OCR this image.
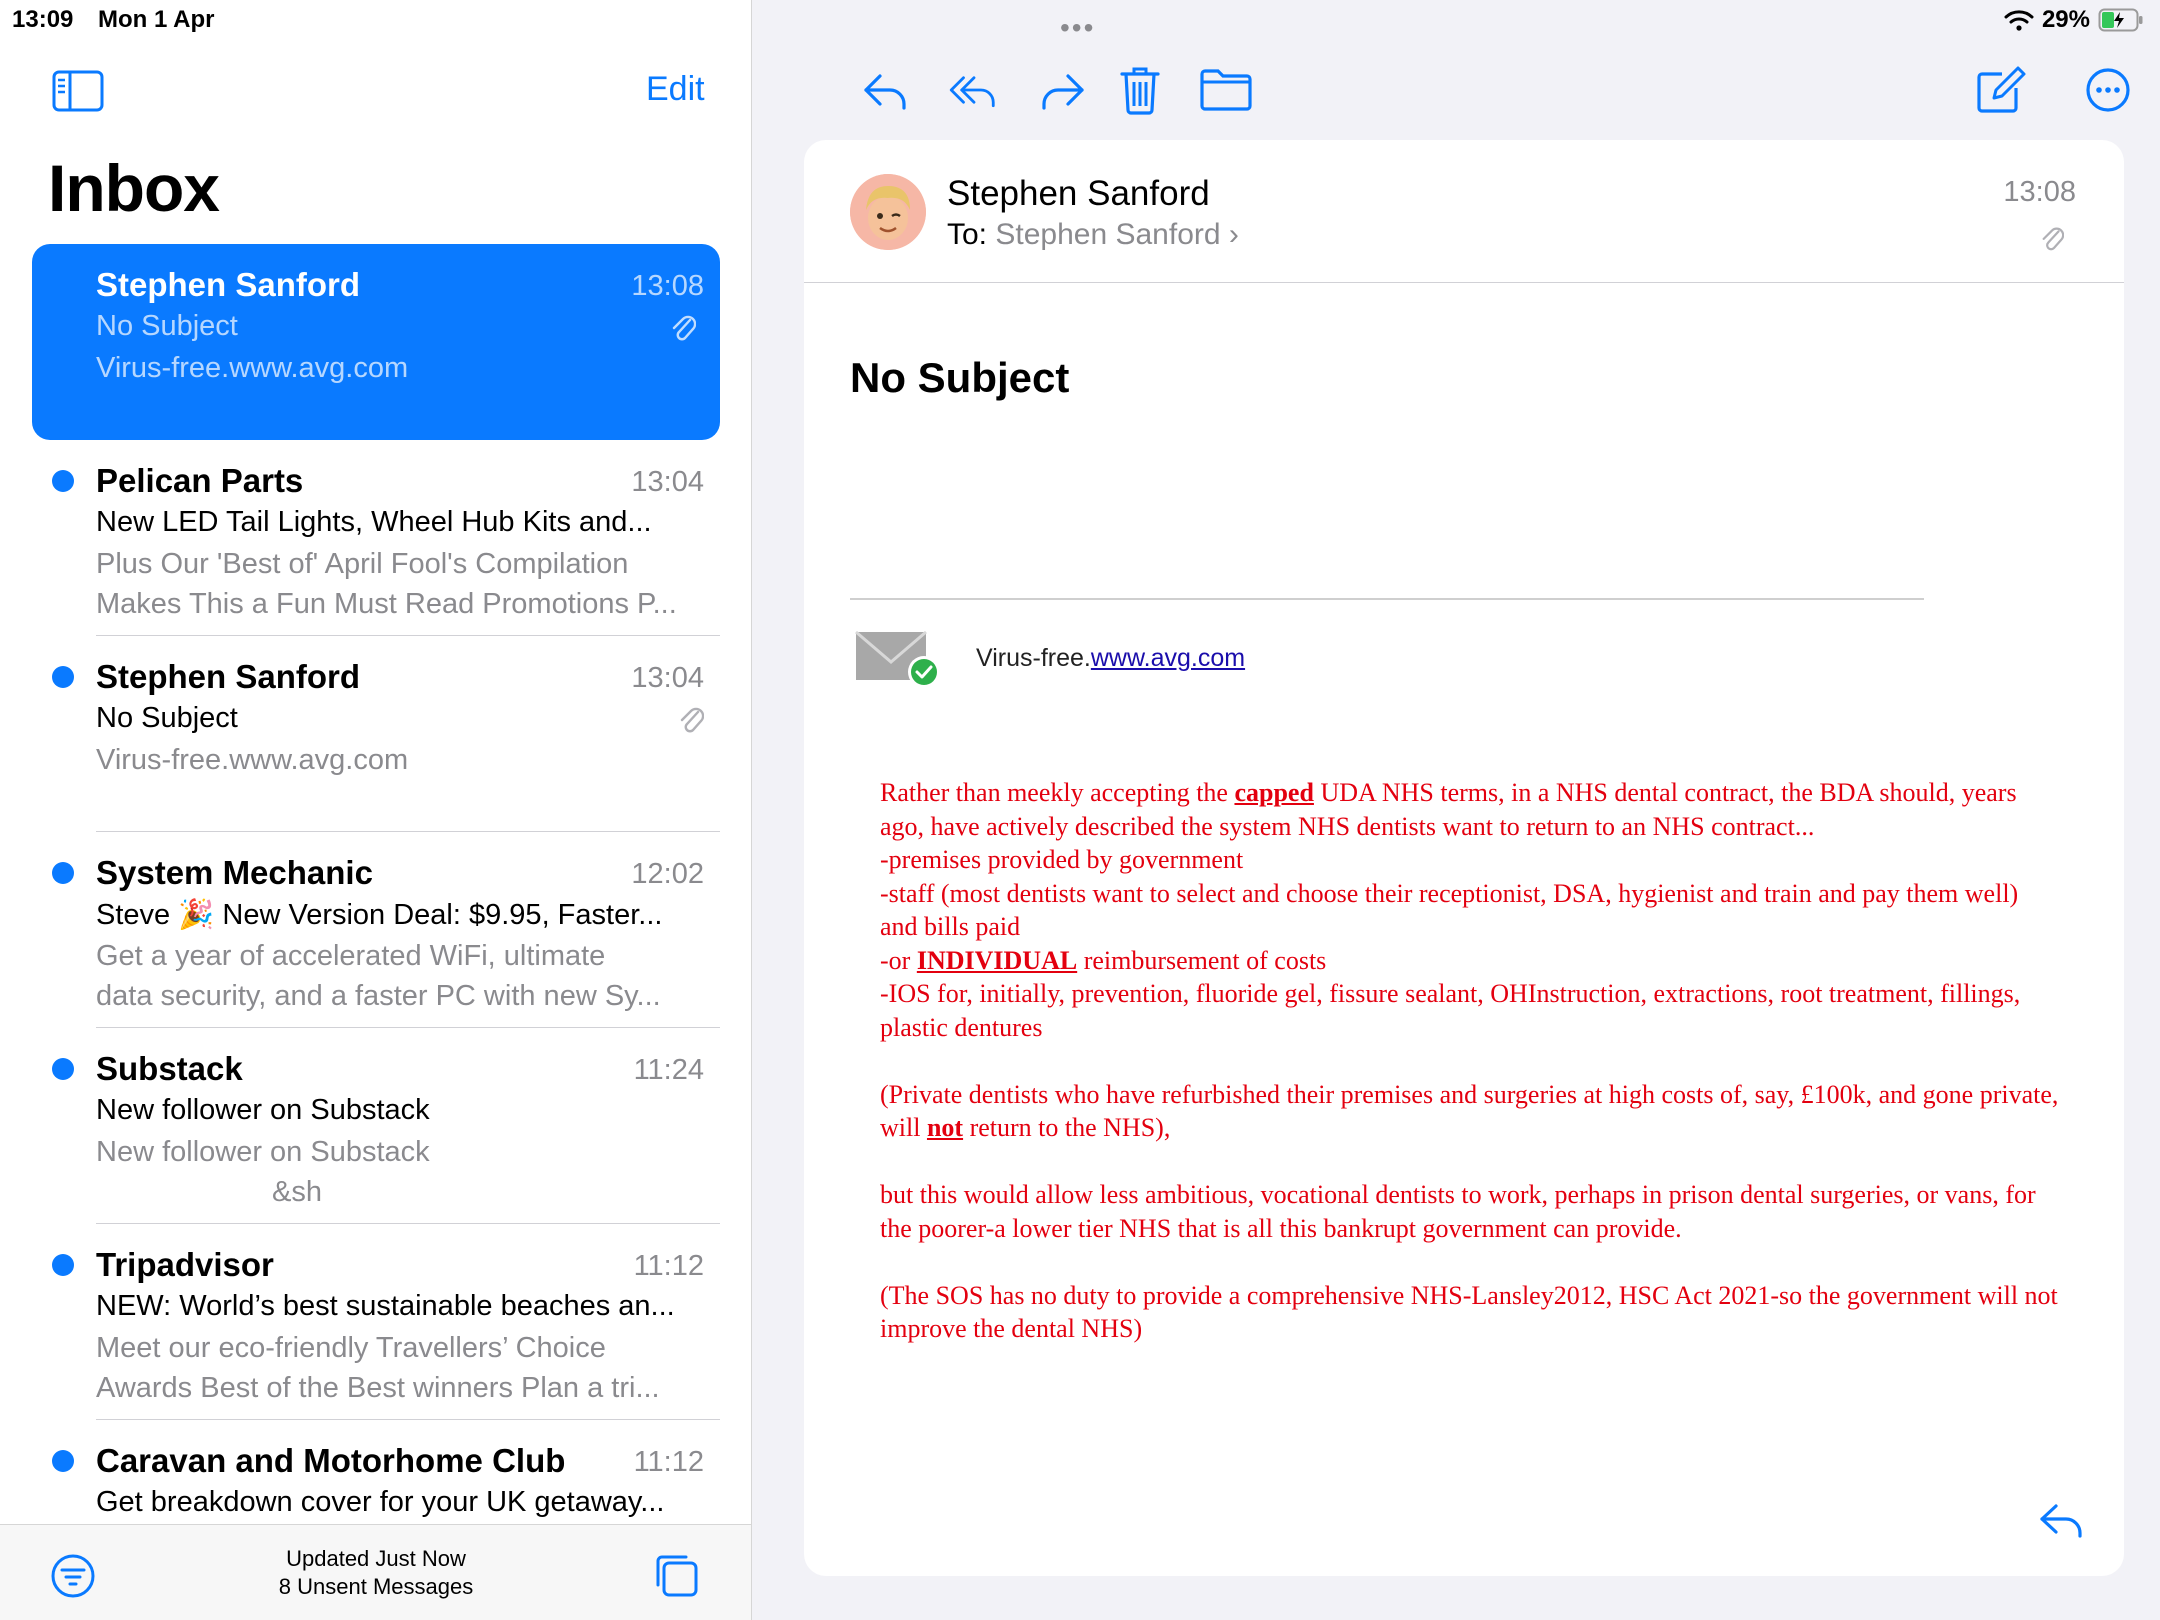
13:09 Mon 1 Apr
Edit
Inbox
Stephen Sanford	13:08
No Subject
Virus-free.www.avg.com
Pelican Parts	13:04
New LED Tail Lights, Wheel Hub Kits and...
Plus Our 'Best of' April Fool's Compilation
Makes This a Fun Must Read Promotions P...
Stephen Sanford	13:04
No Subject
Virus-free.www.avg.com
System Mechanic	12:02
Steve 🎉 New Version Deal: $9.95, Faster...
Get a year of accelerated WiFi, ultimate
data security, and a faster PC with new Sy...
Substack	11:24
New follower on Substack
New follower on Substack
&sh
Tripadvisor	11:12
NEW: World’s best sustainable beaches an...
Meet our eco-friendly Travellers’ Choice
Awards Best of the Best winners Plan a tri...
Caravan and Motorhome Club 11:12
Get breakdown cover for your UK getaway...
Updated Just Now
8 Unsent Messages
•••	29%
Stephen Sanford
To: Stephen Sanford ›
13:08
No Subject
Virus-free.www.avg.com
Rather than meekly accepting the capped UDA NHS terms, in a NHS dental contract, the BDA should, years ago, have actively described the system NHS dentists want to return to an NHS contract...
-premises provided by government
-staff (most dentists want to select and choose their receptionist, DSA, hygienist and train and pay them well) and bills paid
-or INDIVIDUAL reimbursement of costs
-IOS for, initially, prevention, fluoride gel, fissure sealant, OHInstruction, extractions, root treatment, fillings, plastic dentures
(Private dentists who have refurbished their premises and surgeries at high costs of, say, £100k, and gone private, will not return to the NHS),
but this would allow less ambitious, vocational dentists to work, perhaps in prison dental surgeries, or vans, for the poorer-a lower tier NHS that is all this bankrupt government can provide.
(The SOS has no duty to provide a comprehensive NHS-Lansley2012, HSC Act 2021-so the government will not improve the dental NHS)
